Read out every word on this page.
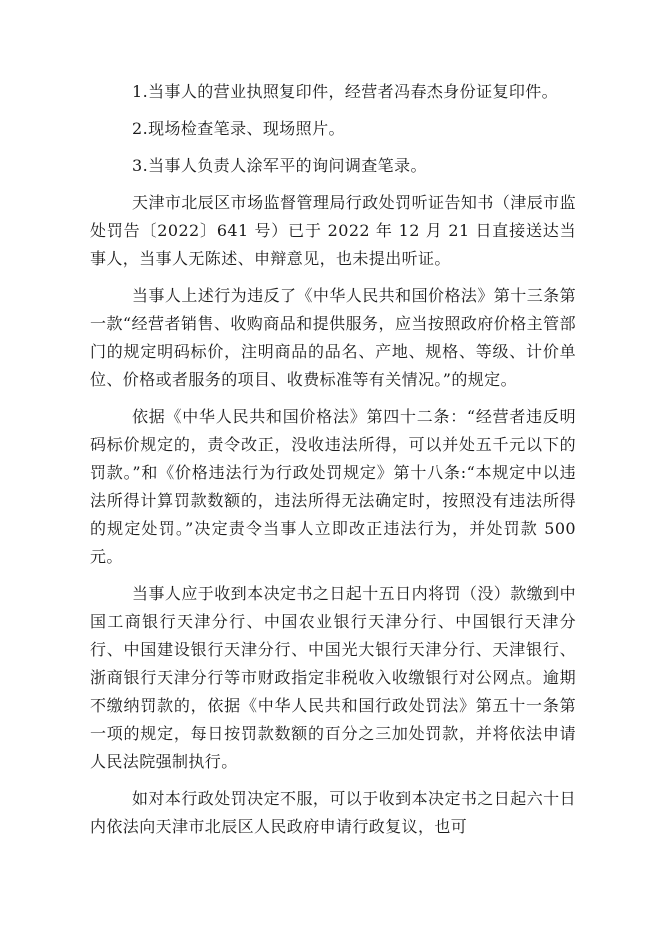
1.当事人的营业执照复印件，经营者冯春杰身份证复印件。

2.现场检查笔录、现场照片。

3.当事人负责人涂军平的询问调查笔录。

天津市北辰区市场监督管理局行政处罚听证告知书（津辰市监处罚告〔2022〕641 号）已于 2022 年 12 月 21 日直接送达当事人，当事人无陈述、申辩意见，也未提出听证。

当事人上述行为违反了《中华人民共和国价格法》第十三条第一款“经营者销售、收购商品和提供服务，应当按照政府价格主管部门的规定明码标价，注明商品的品名、产地、规格、等级、计价单位、价格或者服务的项目、收费标准等有关情况。”的规定。

依据《中华人民共和国价格法》第四十二条：“经营者违反明码标价规定的，责令改正，没收违法所得，可以并处五千元以下的罚款。”和《价格违法行为行政处罚规定》第十八条:“本规定中以违法所得计算罚款数额的，违法所得无法确定时，按照没有违法所得的规定处罚。”决定责令当事人立即改正违法行为，并处罚款 500 元。

当事人应于收到本决定书之日起十五日内将罚（没）款缴到中国工商银行天津分行、中国农业银行天津分行、中国银行天津分行、中国建设银行天津分行、中国光大银行天津分行、天津银行、浙商银行天津分行等市财政指定非税收入收缴银行对公网点。逾期不缴纳罚款的，依据《中华人民共和国行政处罚法》第五十一条第一项的规定，每日按罚款数额的百分之三加处罚款，并将依法申请人民法院强制执行。

如对本行政处罚决定不服，可以于收到本决定书之日起六十日内依法向天津市北辰区人民政府申请行政复议，也可
